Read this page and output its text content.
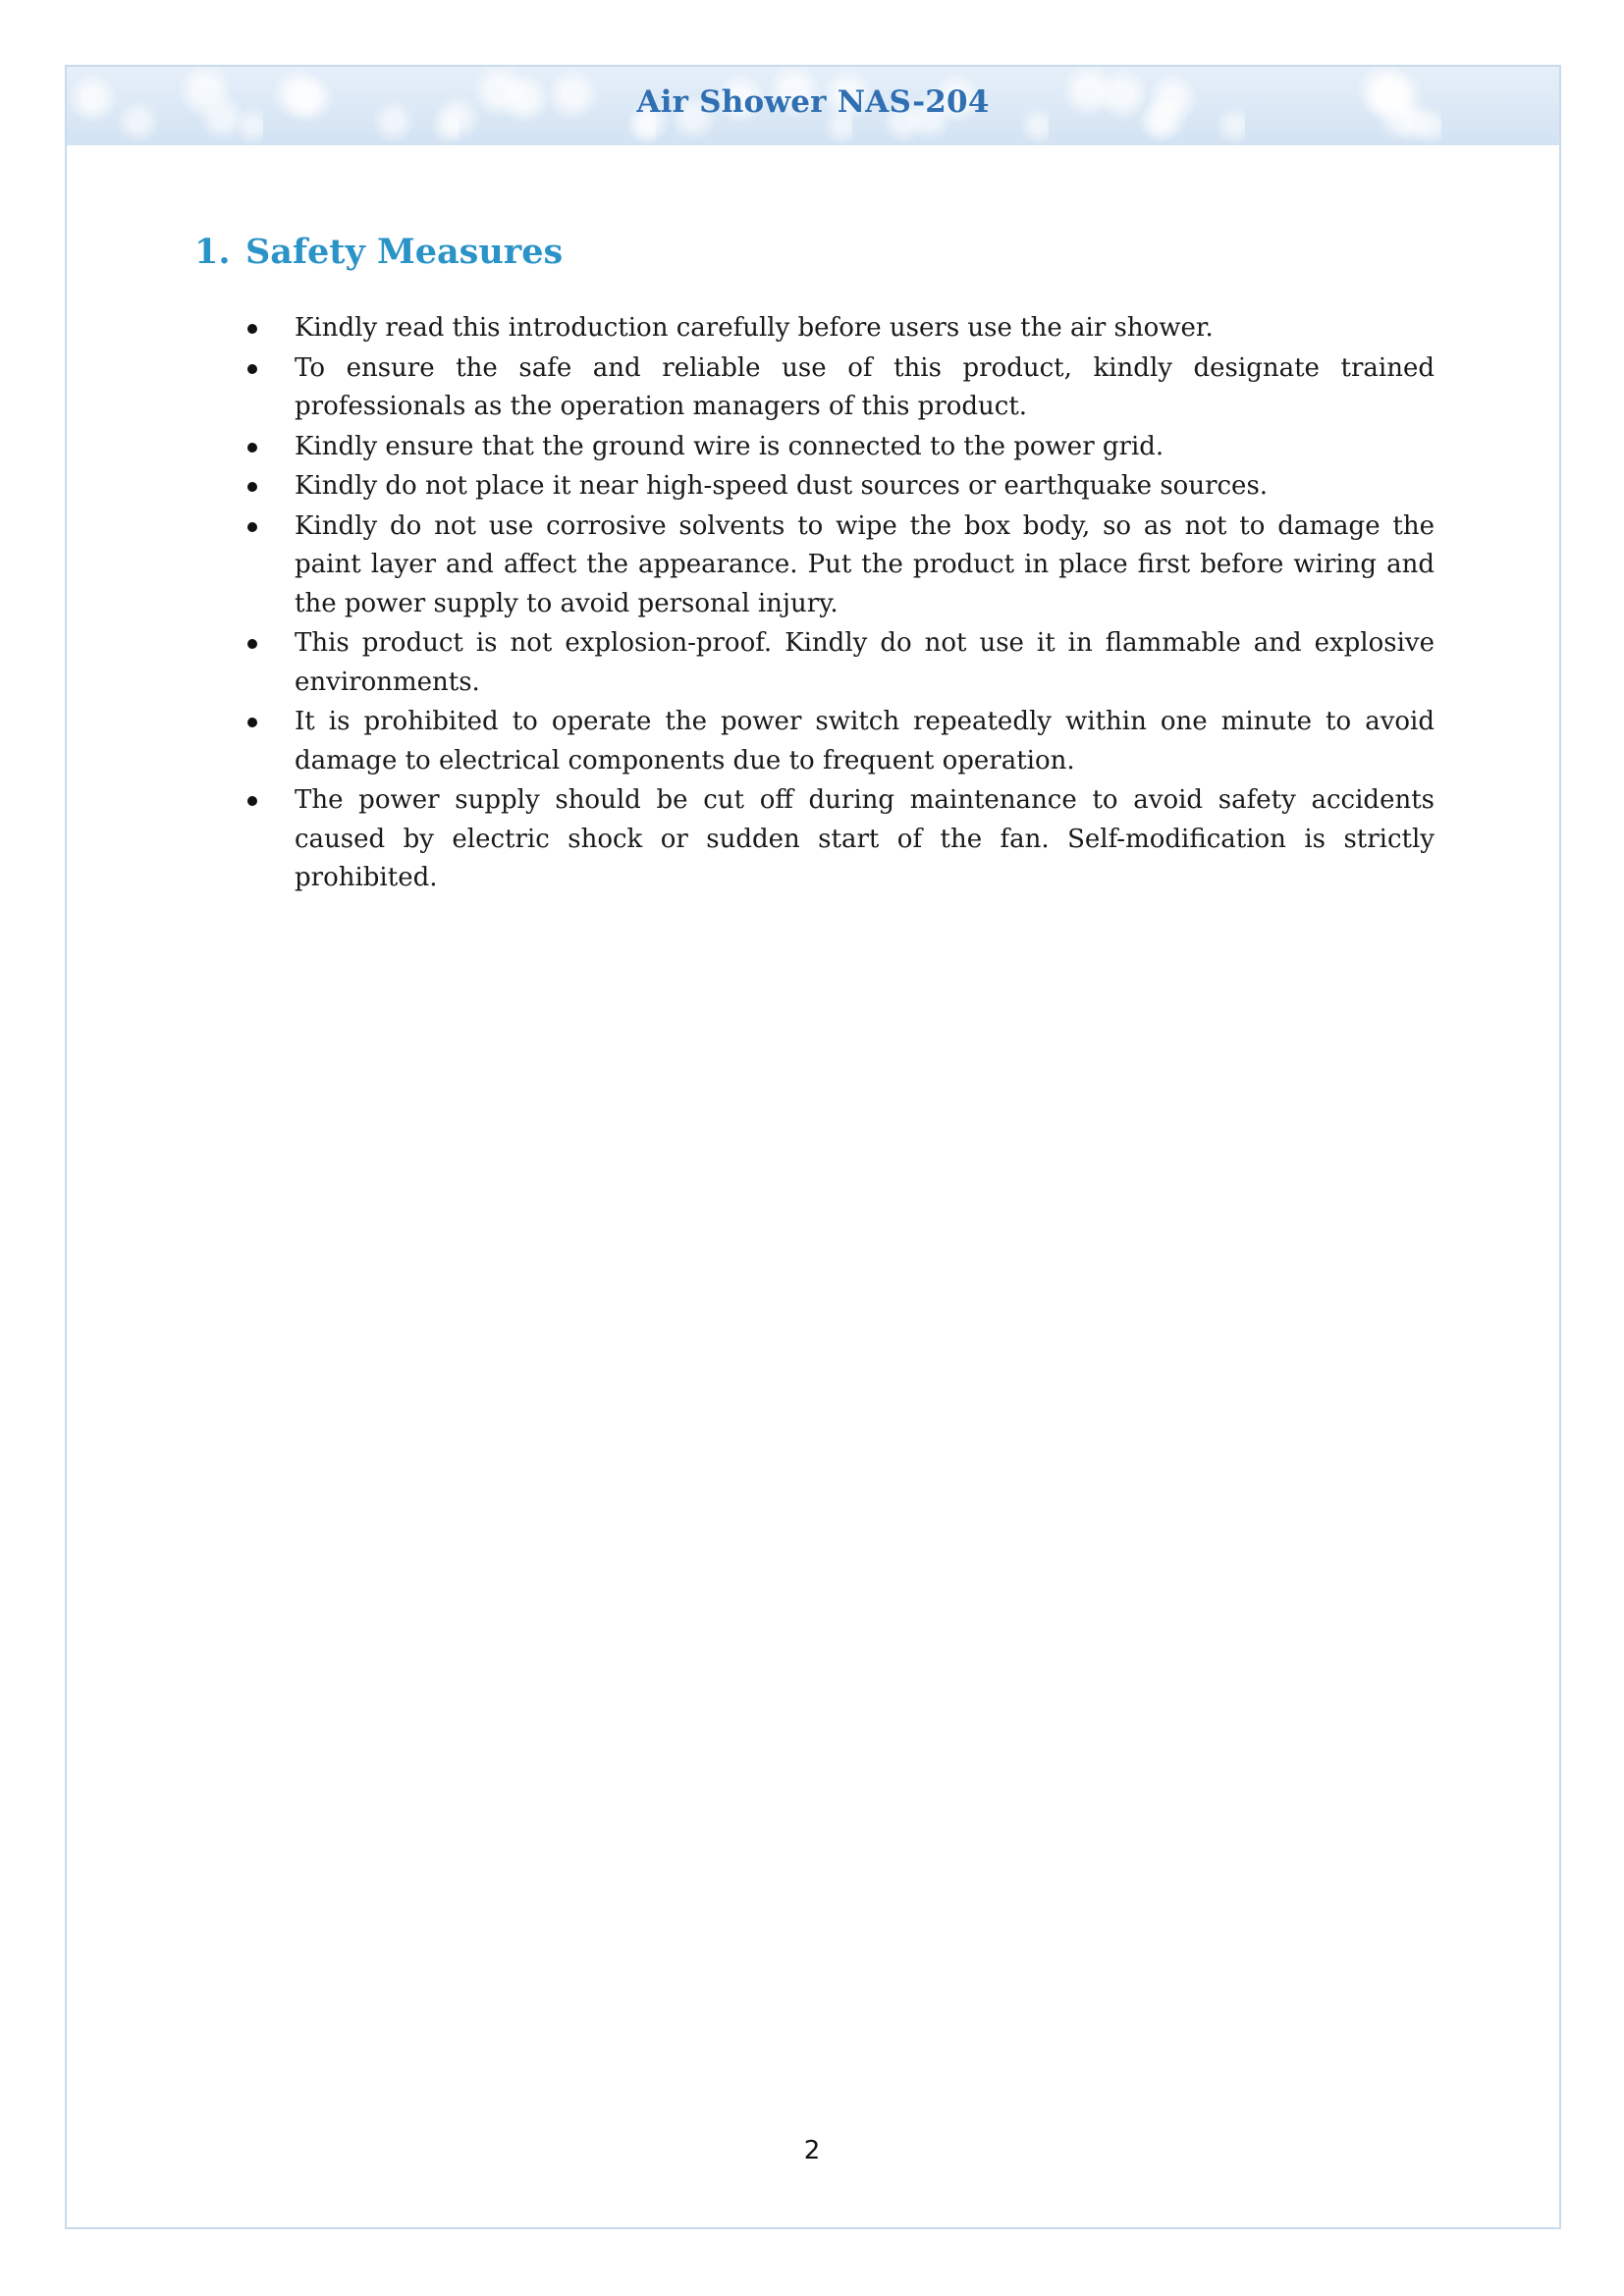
Air Shower NAS-204
1. Safety Measures
Kindly read this introduction carefully before users use the air shower.
To ensure the safe and reliable use of this product, kindly designate trained professionals as the operation managers of this product.
Kindly ensure that the ground wire is connected to the power grid.
Kindly do not place it near high-speed dust sources or earthquake sources.
Kindly do not use corrosive solvents to wipe the box body, so as not to damage the paint layer and affect the appearance. Put the product in place first before wiring and the power supply to avoid personal injury.
This product is not explosion-proof. Kindly do not use it in flammable and explosive environments.
It is prohibited to operate the power switch repeatedly within one minute to avoid damage to electrical components due to frequent operation.
The power supply should be cut off during maintenance to avoid safety accidents caused by electric shock or sudden start of the fan. Self-modification is strictly prohibited.
2
